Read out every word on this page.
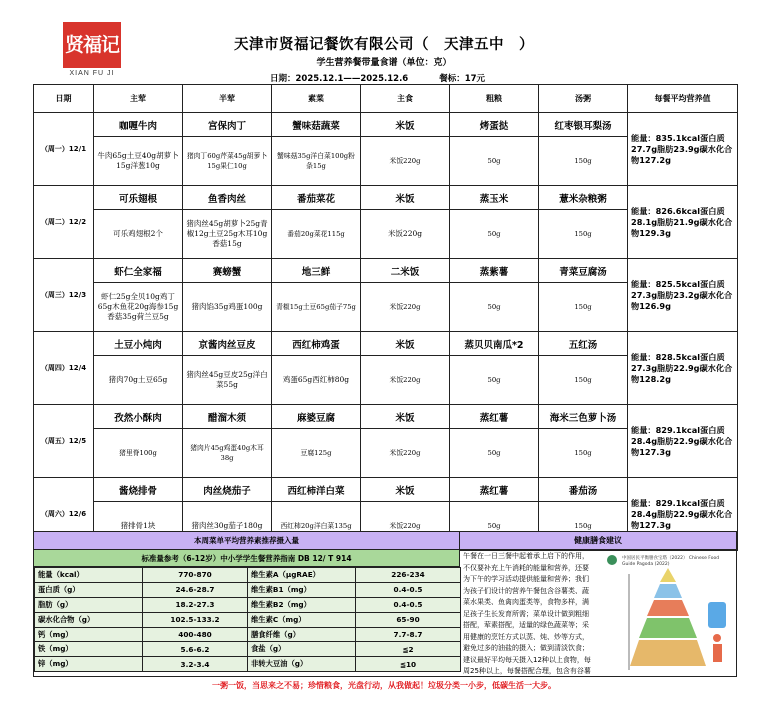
贤福记
XIAN FU JI
天津市贤福记餐饮有限公司（　天津五中　）
学生营养餐带量食谱（单位：克）
日期：2025.12.1——2025.12.6	餐标：17元
日期	主荤	半荤	素菜	主食	粗粮	汤粥	每餐平均营养值
（周一）12/1	咖喱牛肉	宫保肉丁	蟹味菇蔬菜	米饭	烤蛋挞	红枣银耳梨汤	能量：835.1kcal蛋白质27.7g脂肪23.9g碳水化合物127.2g
	牛肉65g土豆40g胡萝卜15g洋葱10g	猪肉丁60g芹菜45g胡萝卜15g果仁10g	蟹味菇35g洋白菜100g粉条15g	米饭220g	50g	150g	
（周二）12/2	可乐翅根	鱼香肉丝	番茄菜花	米饭	蒸玉米	薏米杂粮粥	能量：826.6kcal蛋白质28.1g脂肪21.9g碳水化合物129.3g
	可乐鸡翅根2个	猪肉丝45g胡萝卜25g青椒12g土豆25g木耳10g香菇15g	番茄20g菜花115g	米饭220g	50g	150g	
（周三）12/3	虾仁全家福	赛螃蟹	地三鲜	二米饭	蒸紫薯	青菜豆腐汤	能量：825.5kcal蛋白质27.3g脂肪23.2g碳水化合物126.9g
	虾仁25g全贝10g鸡丁65g木鱼花20g海参15g香菇35g荷兰豆5g	猪肉馅35g鸡蛋100g	青椒15g土豆65g茄子75g	米饭220g	50g	150g	
（周四）12/4	土豆小炖肉	京酱肉丝豆皮	西红柿鸡蛋	米饭	蒸贝贝南瓜*2	五红汤	能量：828.5kcal蛋白质27.3g脂肪22.9g碳水化合物128.2g
	猪肉70g土豆65g	猪肉丝45g豆皮25g洋白菜55g	鸡蛋65g西红柿80g	米饭220g	50g	150g	
（周五）12/5	孜然小酥肉	醋溜木须	麻婆豆腐	米饭	蒸红薯	海米三色萝卜汤	能量：829.1kcal蛋白质28.4g脂肪22.9g碳水化合物127.3g
	猪里脊100g	猪肉片45g鸡蛋40g木耳38g	豆腐125g	米饭220g	50g	150g	
（周六）12/6	酱烧排骨	肉丝烧茄子	西红柿洋白菜	米饭	蒸红薯	番茄汤	能量：829.1kcal蛋白质28.4g脂肪22.9g碳水化合物127.3g
	猪排骨1块	猪肉丝30g茄子180g	西红柿20g洋白菜135g	米饭220g	50g	150g	
本周菜单平均营养素推荐摄入量	健康膳食建议
标准量参考（6-12岁）中小学学生餐营养指南 DB 12/ T 914
能量（kcal）	770-870	维生素A（μgRAE）	226-234
蛋白质（g）	24.6-28.7	维生素B1（mg）	0.4-0.5
脂肪（g）	18.2-27.3	维生素B2（mg）	0.4-0.5
碳水化合物（g）	102.5-133.2	维生素C（mg）	65-90
钙（mg）	400-480	膳食纤维（g）	7.7-8.7
铁（mg）	5.6-6.2	食盐（g）	≦2
锌（mg）	3.2-3.4	非转大豆油（g）	≦10
午餐在一日三餐中起着承上启下的作用，不仅要补充上午消耗的能量和营养，还要为下午的学习活动提供能量和营养；我们为孩子们设计的营养午餐包含谷薯类、蔬菜水果类、鱼禽肉蛋类等，食物多样，满足孩子生长发育所需；菜单设计做到粗细搭配，荤素搭配，适量的绿色蔬菜等；采用健康的烹饪方式以蒸、炖、炒等方式，避免过多的油盐的摄入；做到清淡饮食；建议最好平均每天摄入12种以上食物，每周25种以上，每餐搭配合理，包含有谷薯
中国居民平衡膳食宝塔（2022） Chinese Food Guide Pagoda (2022)
一粥一饭，当思来之不易；珍惜粮食，光盘行动，从我做起！垃圾分类一小步，低碳生活一大步。
